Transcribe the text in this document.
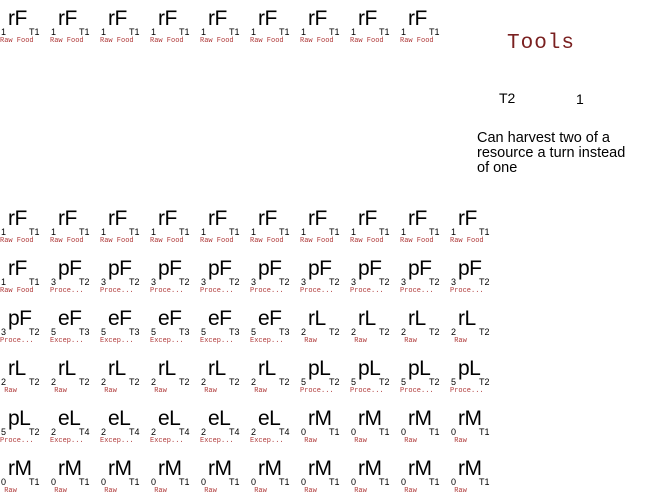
rF
1	T1
Raw Food
rF
1	T1
Raw Food
rF
1	T1
Raw Food
rF
1	T1
Raw Food
rF
1	T1
Raw Food
rF
1	T1
Raw Food
rF
1	T1
Raw Food
rF
1	T1
Raw Food
rF
1	T1
Raw Food	Tools
T2	1
Can harvest two of a resource a turn instead of one
rF
1	T1
Raw Food
rF
1	T1
Raw Food
rF
1	T1
Raw Food
rF
1	T1
Raw Food
rF
1	T1
Raw Food
rF
1	T1
Raw Food
rF
1	T1
Raw Food
rF
1	T1
Raw Food
rF
1	T1
Raw Food
rF
1	T1
Raw Food
rF
1	T1
Raw Food
pF
3	T2
Proce...
pF
3	T2
Proce...
pF
3	T2
Proce...
pF
3	T2
Proce...
pF
3	T2
Proce...
pF
3	T2
Proce...
pF
3	T2
Proce...
pF
3	T2
Proce...
pF
3	T2
Proce...
pF
3	T2
Proce...
eF
5	T3
Excep...
eF
5	T3
Excep...
eF
5	T3
Excep...
eF
5	T3
Excep...
eF
5	T3
Excep...
rL
2	T2
Raw
rL
2	T2
Raw
rL
2	T2
Raw
rL
2	T2
Raw
rL
2	T2
Raw
rL
2	T2
Raw
rL
2	T2
Raw
rL
2	T2
Raw
rL
2	T2
Raw
rL
2	T2
Raw
pL
5	T2
Proce...
pL
5	T2
Proce...
pL
5	T2
Proce...
pL
5	T2
Proce...
pL
5	T2
Proce...
eL
2	T4
Excep...
eL
2	T4
Excep...
eL
2	T4
Excep...
eL
2	T4
Excep...
eL
2	T4
Excep...
rM
0	T1
Raw
rM
0	T1
Raw
rM
0	T1
Raw
rM
0	T1
Raw
rM
0	T1
Raw
rM
0	T1
Raw
rM
0	T1
Raw
rM
0	T1
Raw
rM
0	T1
Raw
rM
0	T1
Raw
rM
0	T1
Raw
rM
0	T1
Raw
rM
0	T1
Raw
rM
0	T1
Raw
